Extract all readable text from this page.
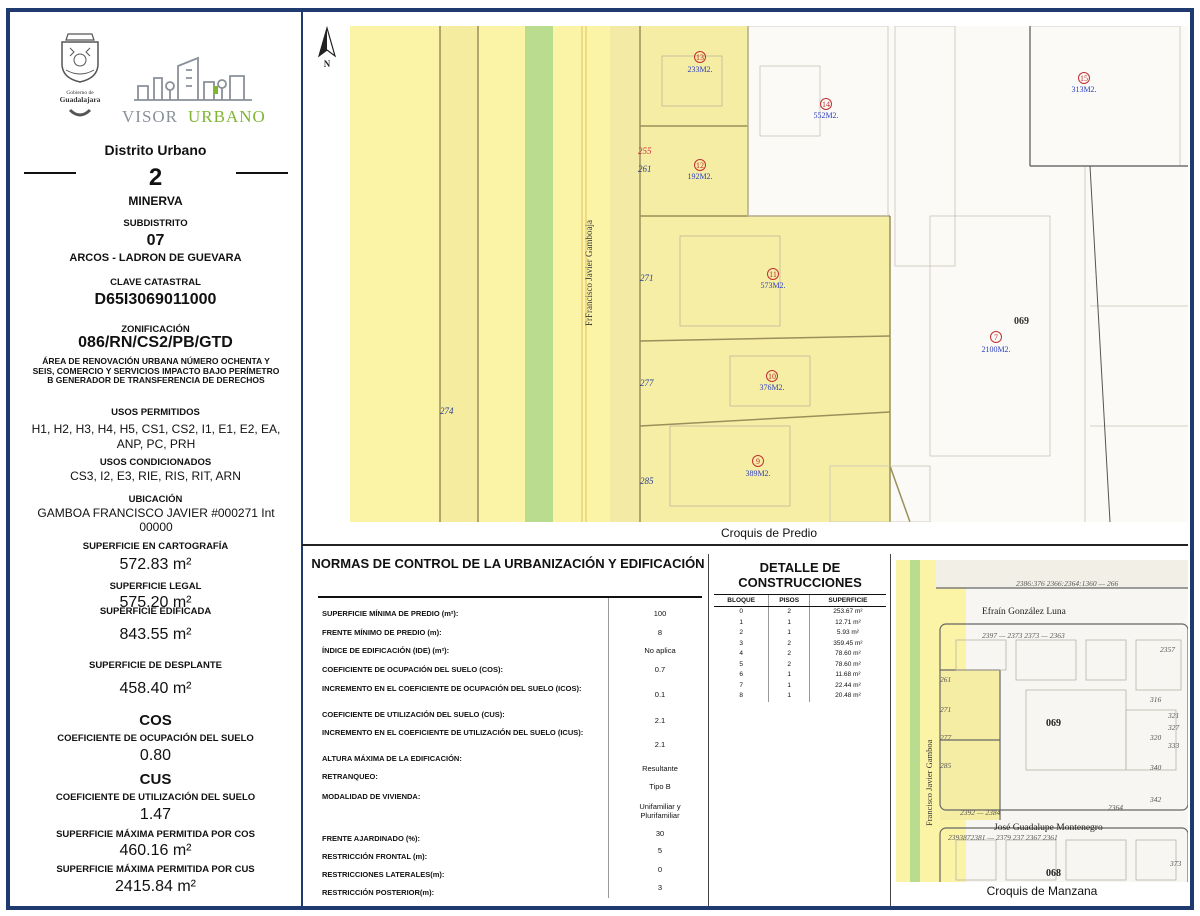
Gobierno de
Guadalajara
VISOR URBANO
Distrito Urbano
2
MINERVA
SUBDISTRITO
07
ARCOS - LADRON DE GUEVARA
CLAVE CATASTRAL
D65I3069011000
ZONIFICACIÓN
086/RN/CS2/PB/GTD
ÁREA DE RENOVACIÓN URBANA NÚMERO OCHENTA Y SEIS, COMERCIO Y SERVICIOS IMPACTO BAJO PERÍMETRO B GENERADOR DE TRANSFERENCIA DE DERECHOS
USOS PERMITIDOS
H1, H2, H3, H4, H5, CS1, CS2, I1, E1, E2, EA, ANP, PC, PRH
USOS CONDICIONADOS
CS3, I2, E3, RIE, RIS, RIT, ARN
UBICACIÓN
GAMBOA FRANCISCO JAVIER #000271 Int 00000
SUPERFICIE EN CARTOGRAFÍA
572.83 m²
SUPERFICIE LEGAL
575.20 m²
SUPERFICIE EDIFICADA
843.55 m²
SUPERFICIE DE DESPLANTE
458.40 m²
COS
COEFICIENTE DE OCUPACIÓN DEL SUELO
0.80
CUS
COEFICIENTE DE UTILIZACIÓN DEL SUELO
1.47
SUPERFICIE MÁXIMA PERMITIDA POR COS
460.16 m²
SUPERFICIE MÁXIMA PERMITIDA POR CUS
2415.84 m²
N
FrFrancisco Javier Gamboaja
255
261
271
277
285
274
13
233M2.
12
192M2.
11
573M2.
10
376M2.
9
389M2.
14
552M2.
15
313M2.
7
2100M2.
069
Croquis de Predio
NORMAS DE CONTROL DE LA URBANIZACIÓN Y EDIFICACIÓN
SUPERFICIE MÍNIMA DE PREDIO (m²):	100
FRENTE MÍNIMO DE PREDIO (m):	8
ÍNDICE DE EDIFICACIÓN (IDE) (m²):	No aplica
COEFICIENTE DE OCUPACIÓN DEL SUELO (COS):	0.7
INCREMENTO EN EL COEFICIENTE DE OCUPACIÓN DEL SUELO (ICOS):
0.1
COEFICIENTE DE UTILIZACIÓN DEL SUELO (CUS):
2.1
INCREMENTO EN EL COEFICIENTE DE UTILIZACIÓN DEL SUELO (ICUS):
2.1
ALTURA MÁXIMA DE LA EDIFICACIÓN:
Resultante
RETRANQUEO:
Tipo B
MODALIDAD DE VIVIENDA:
Unifamiliar y Plurifamiliar
FRENTE AJARDINADO (%):
30
RESTRICCIÓN FRONTAL (m):
5
RESTRICCIONES LATERALES(m):
0
RESTRICCIÓN POSTERIOR(m):
3
DETALLE DE CONSTRUCCIONES
BLOQUE	PISOS	SUPERFICIE
0	2	253.67 m²
1	1	12.71 m²
2	1	5.93 m²
3	2	359.45 m²
4	2	78.60 m²
5	2	78.60 m²
6	1	11.68 m²
7	1	22.44 m²
8	1	20.48 m²
Francisco Javier Gamboa
Efraín González Luna
José Guadalupe Montenegro
069
068
2386:376 2366:2364:1360 — 266
2397 — 2373 2373 — 2363
2357
2392 — 2384
2364
2393872381 — 2379 237 2367 2361
261
271
277
285
316
320
321
327
333
340
342
373
Croquis de Manzana
